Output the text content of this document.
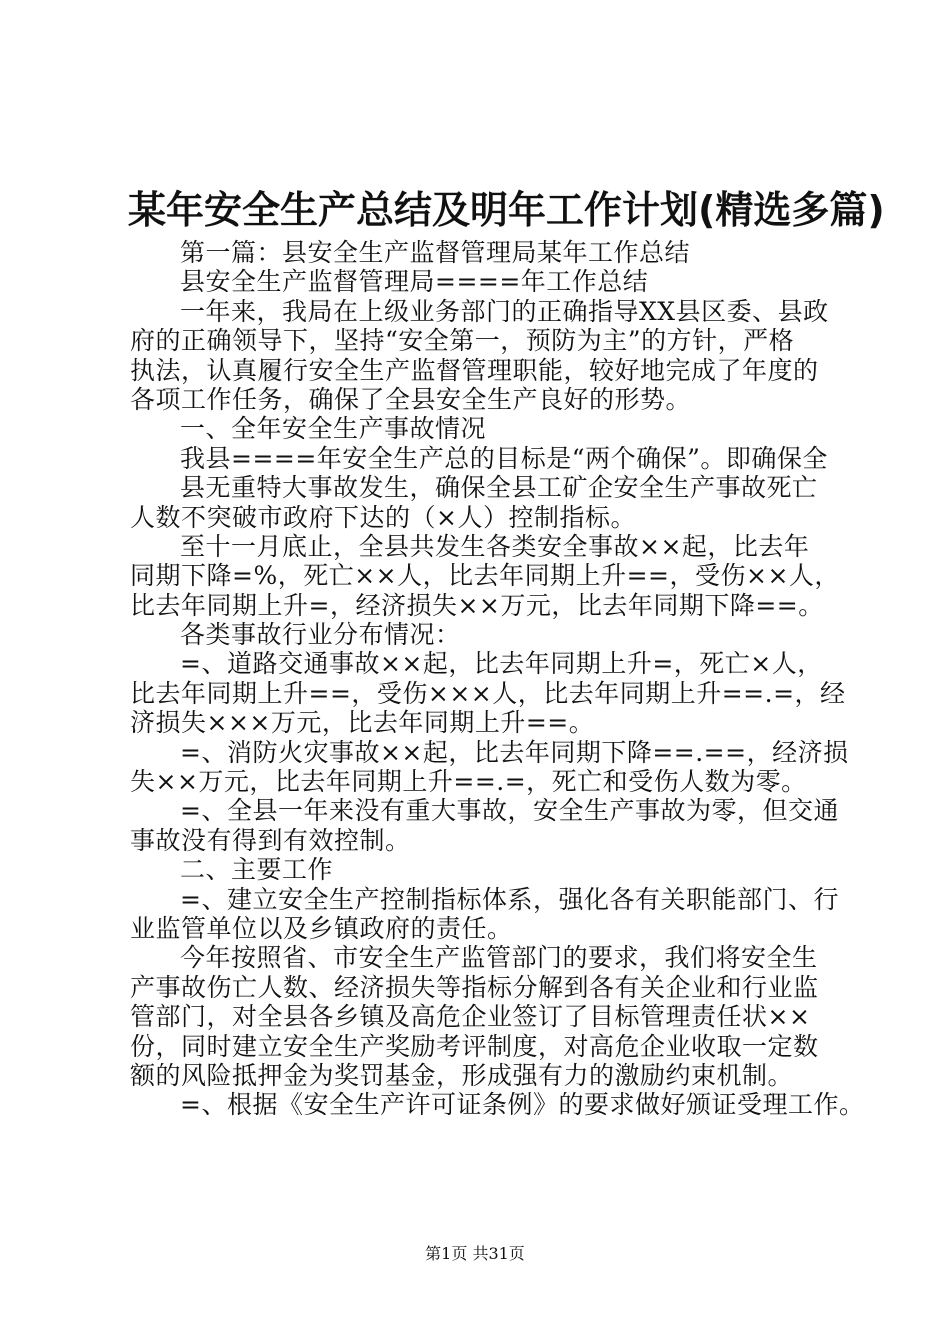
某年安全生产总结及明年工作计划(精选多篇)
第一篇：县安全生产监督管理局某年工作总结
县安全生产监督管理局====年工作总结
一年来，我局在上级业务部门的正确指导XX县区委、县政
府的正确领导下，坚持“安全第一，预防为主”的方针，严格
执法，认真履行安全生产监督管理职能，较好地完成了年度的
各项工作任务，确保了全县安全生产良好的形势。
一、全年安全生产事故情况
我县====年安全生产总的目标是“两个确保”。即确保全
县无重特大事故发生，确保全县工矿企安全生产事故死亡
人数不突破市政府下达的（×人）控制指标。
至十一月底止，全县共发生各类安全事故××起，比去年
同期下降=%，死亡××人，比去年同期上升==，受伤××人，
比去年同期上升=，经济损失××万元，比去年同期下降==。
各类事故行业分布情况：
=、道路交通事故××起，比去年同期上升=，死亡×人，
比去年同期上升==，受伤×××人，比去年同期上升==.=，经
济损失×××万元，比去年同期上升==。
=、消防火灾事故××起，比去年同期下降==.==，经济损
失××万元，比去年同期上升==.=，死亡和受伤人数为零。
=、全县一年来没有重大事故，安全生产事故为零，但交通
事故没有得到有效控制。
二、主要工作
=、建立安全生产控制指标体系，强化各有关职能部门、行
业监管单位以及乡镇政府的责任。
今年按照省、市安全生产监管部门的要求，我们将安全生
产事故伤亡人数、经济损失等指标分解到各有关企业和行业监
管部门，对全县各乡镇及高危企业签订了目标管理责任状××
份，同时建立安全生产奖励考评制度，对高危企业收取一定数
额的风险抵押金为奖罚基金，形成强有力的激励约束机制。
=、根据《安全生产许可证条例》的要求做好颁证受理工作。
第1页 共31页
